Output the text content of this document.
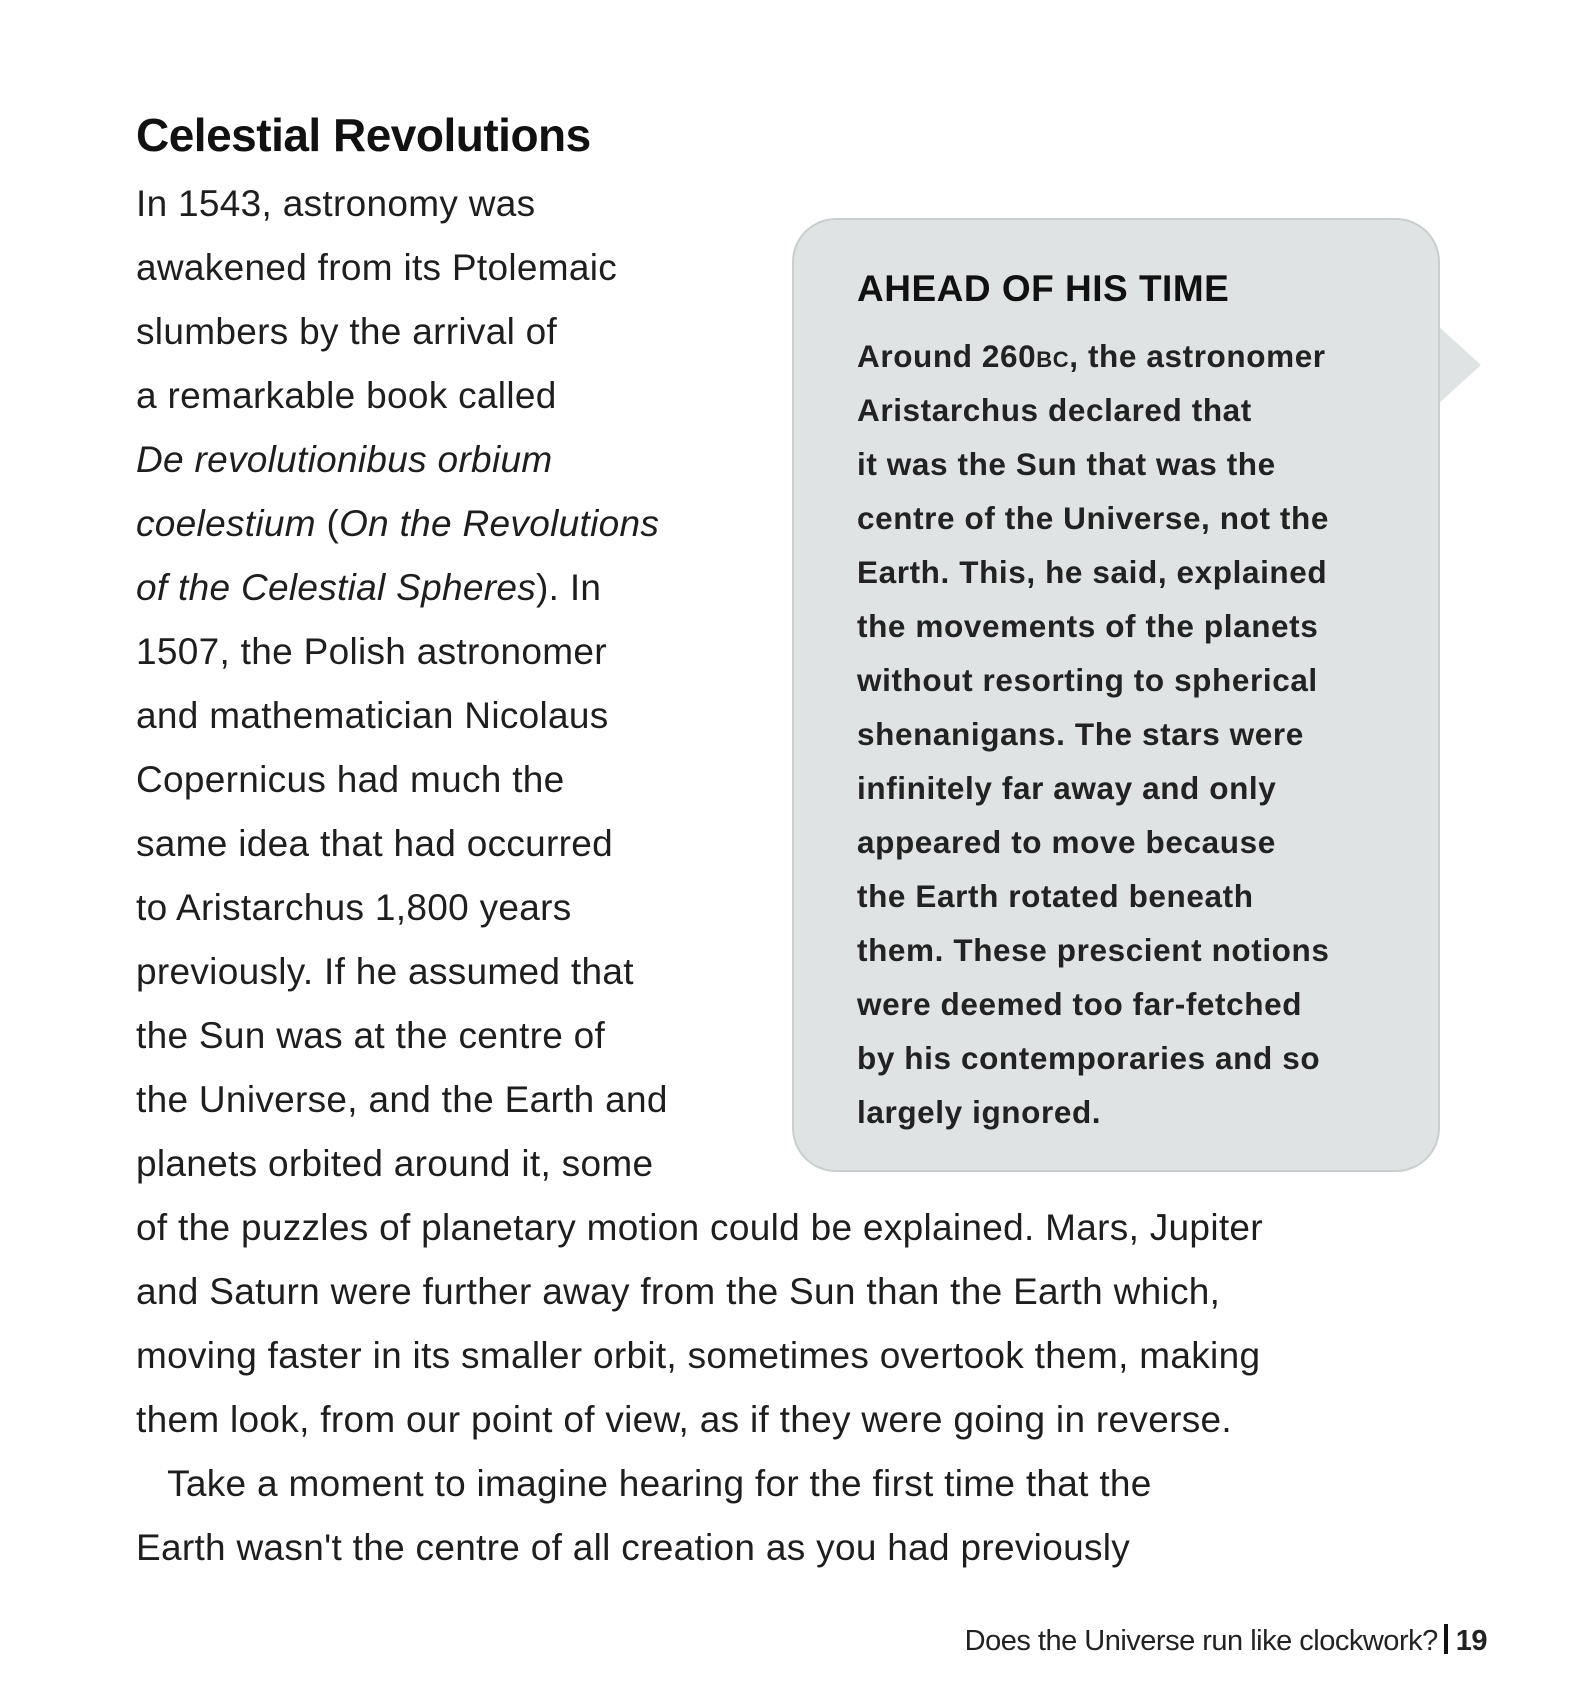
Celestial Revolutions
In 1543, astronomy was
awakened from its Ptolemaic
slumbers by the arrival of
a remarkable book called
De revolutionibus orbium
coelestium (On the Revolutions
of the Celestial Spheres). In
1507, the Polish astronomer
and mathematician Nicolaus
Copernicus had much the
same idea that had occurred
to Aristarchus 1,800 years
previously. If he assumed that
the Sun was at the centre of
the Universe, and the Earth and
planets orbited around it, some
of the puzzles of planetary motion could be explained. Mars, Jupiter
and Saturn were further away from the Sun than the Earth which,
moving faster in its smaller orbit, sometimes overtook them, making
them look, from our point of view, as if they were going in reverse.
Take a moment to imagine hearing for the first time that the
Earth wasn't the centre of all creation as you had previously
AHEAD OF HIS TIME
Around 260BC, the astronomer
Aristarchus declared that
it was the Sun that was the
centre of the Universe, not the
Earth. This, he said, explained
the movements of the planets
without resorting to spherical
shenanigans. The stars were
infinitely far away and only
appeared to move because
the Earth rotated beneath
them. These prescient notions
were deemed too far-fetched
by his contemporaries and so
largely ignored.
Does the Universe run like clockwork? 19
